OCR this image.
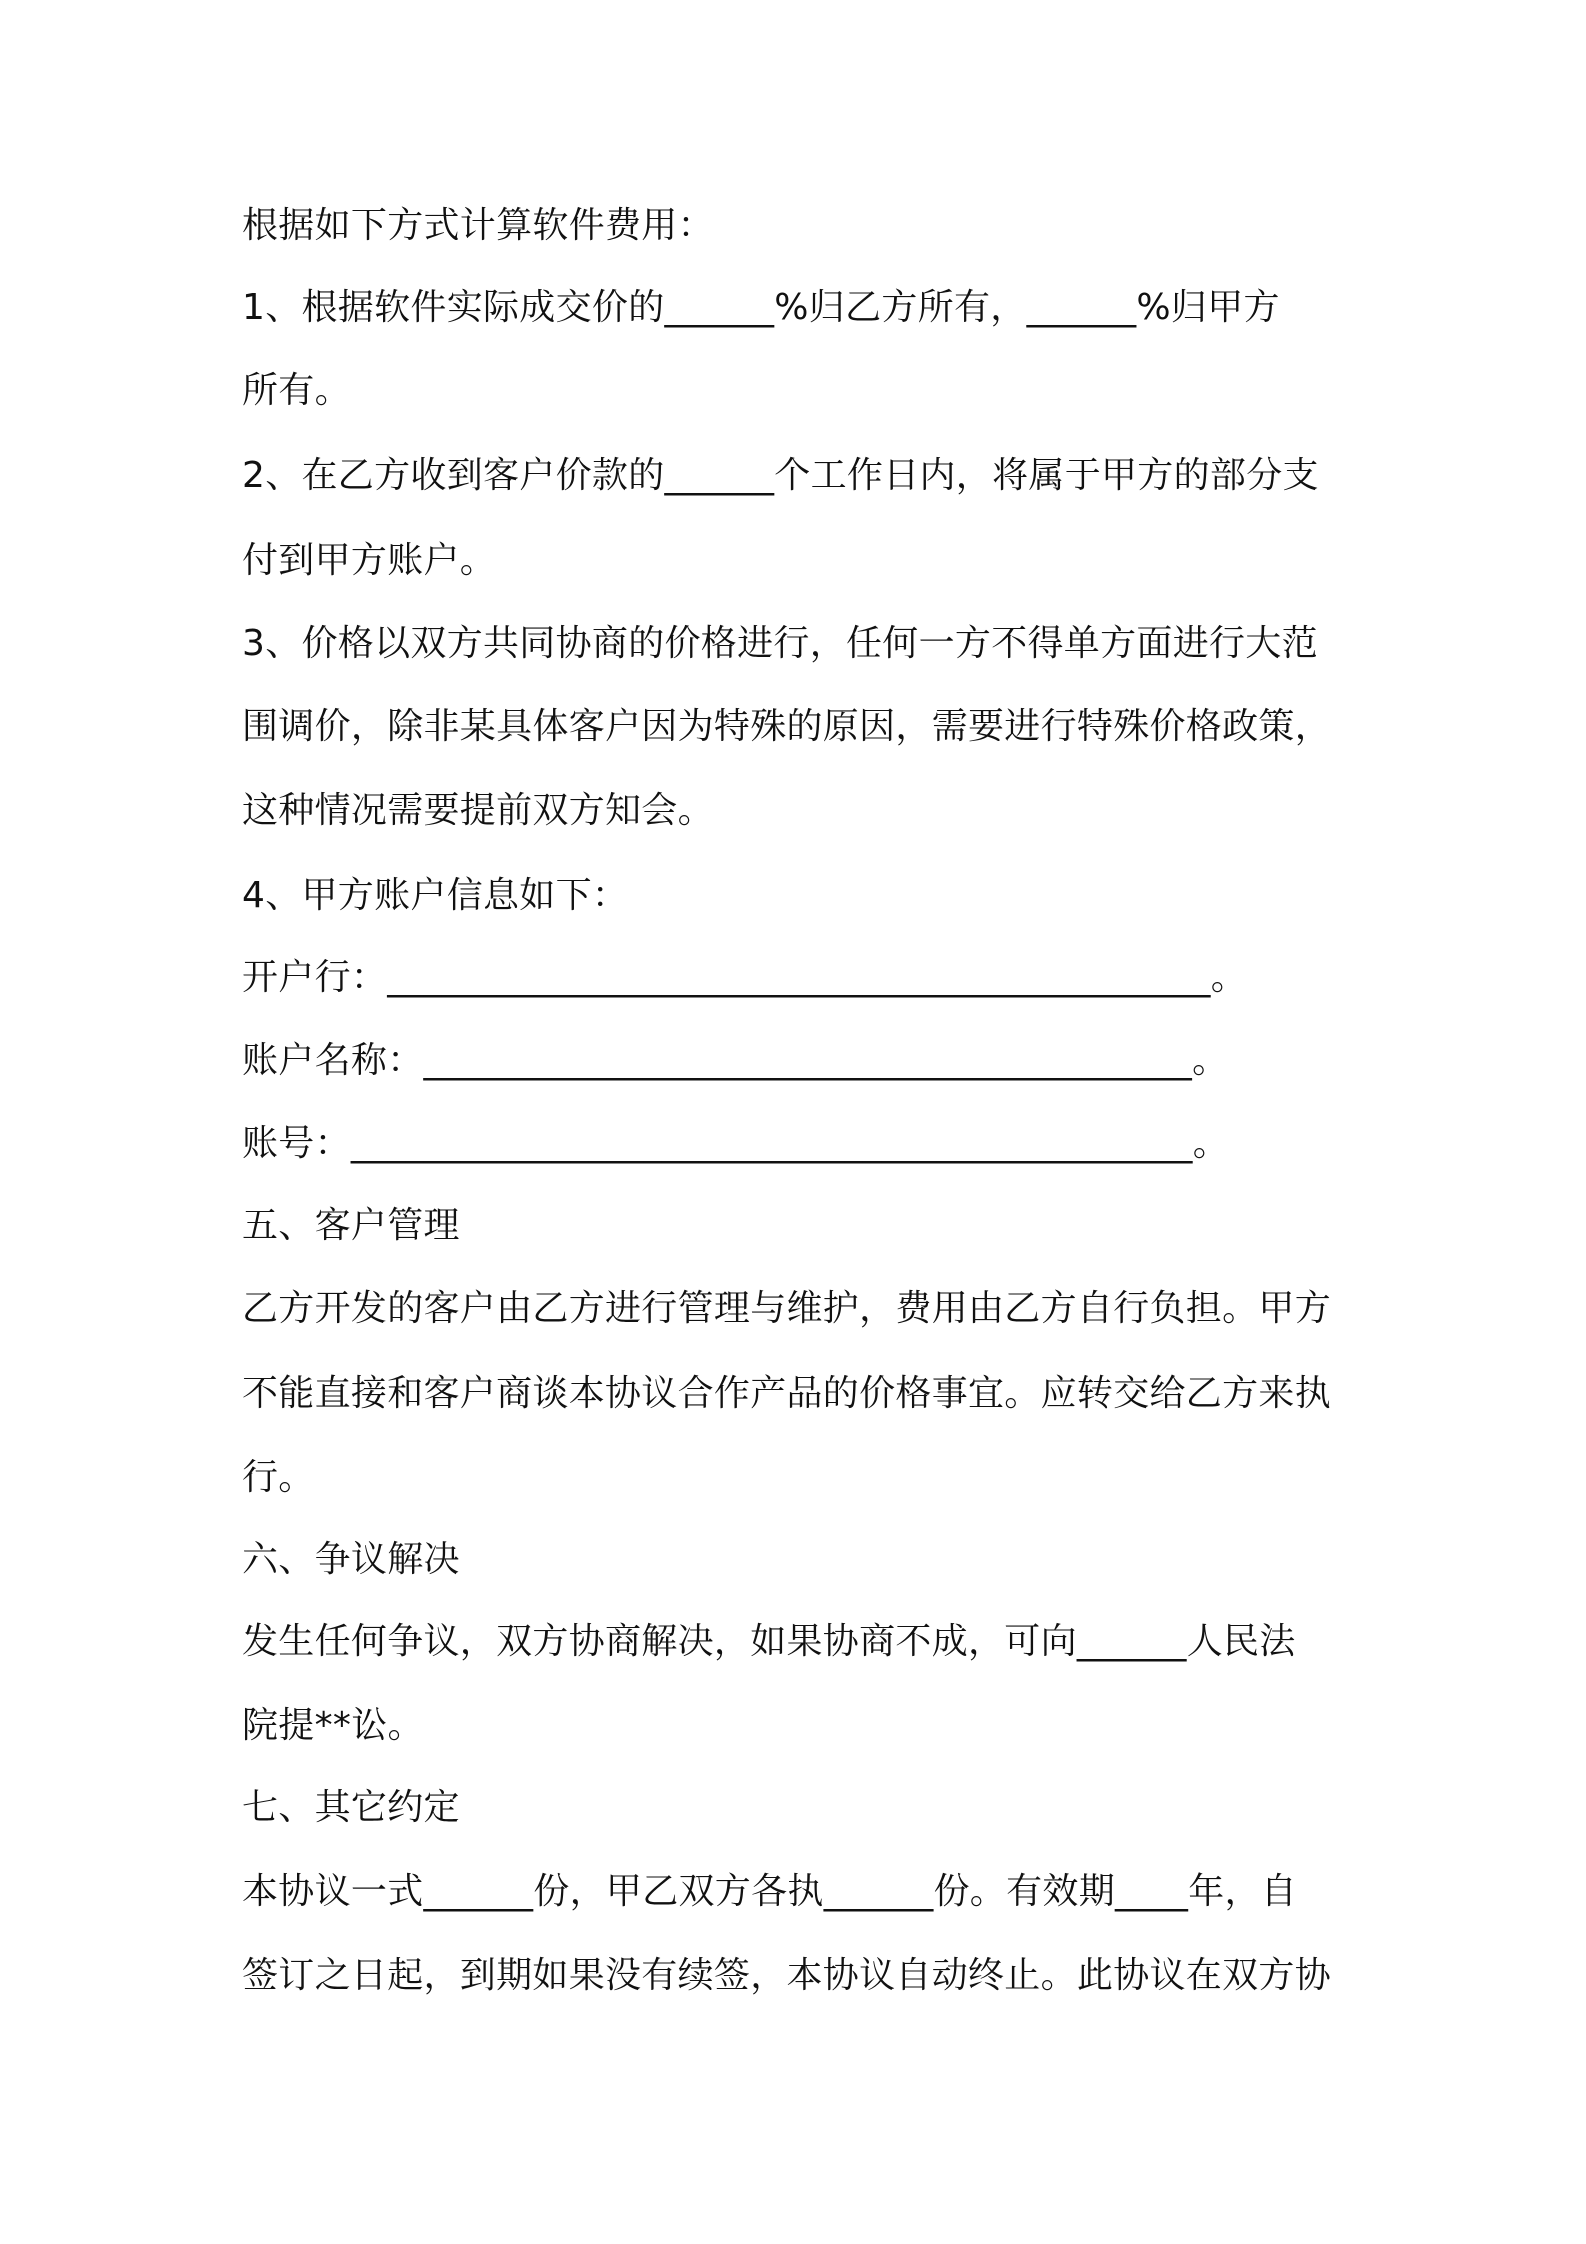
根据如下方式计算软件费用：
1、根据软件实际成交价的______%归乙方所有，______%归甲方
所有。
2、在乙方收到客户价款的______个工作日内，将属于甲方的部分支
付到甲方账户。
3、价格以双方共同协商的价格进行，任何一方不得单方面进行大范
围调价，除非某具体客户因为特殊的原因，需要进行特殊价格政策，
这种情况需要提前双方知会。
4、甲方账户信息如下：
开户行：_____________________________________________。
账户名称：__________________________________________。
账号：______________________________________________。
五、客户管理
乙方开发的客户由乙方进行管理与维护，费用由乙方自行负担。甲方
不能直接和客户商谈本协议合作产品的价格事宜。应转交给乙方来执
行。
六、争议解决
发生任何争议，双方协商解决，如果协商不成，可向______人民法
院提**讼。
七、其它约定
本协议一式______份，甲乙双方各执______份。有效期____年，自
签订之日起，到期如果没有续签，本协议自动终止。此协议在双方协
